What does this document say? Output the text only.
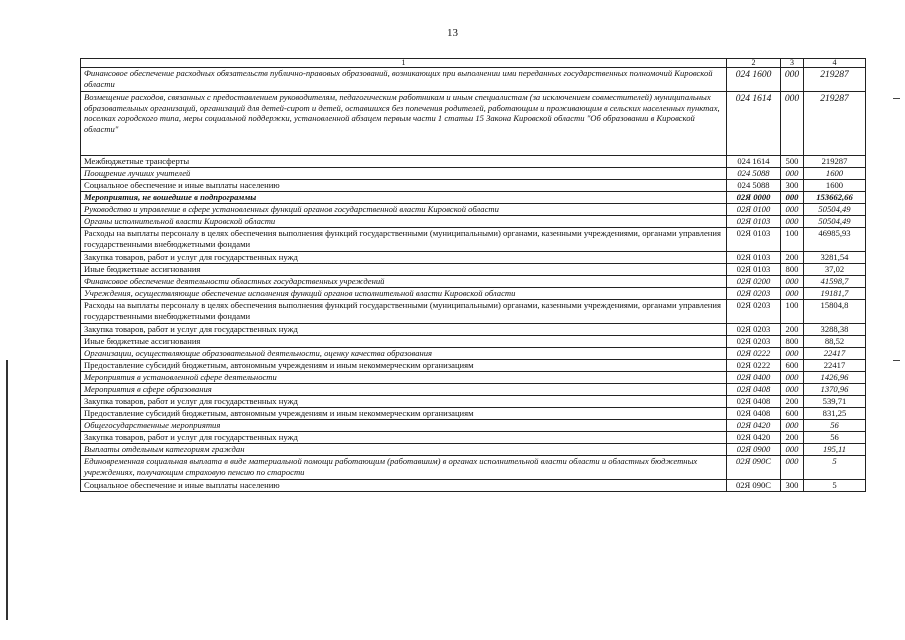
13
1	2	3	4
Финансовое обеспечение расходных обязательств публично-правовых образований, возникающих при выполнении ими переданных государственных полномочий Кировской области	024 1600	000	219287
Возмещение расходов, связанных с предоставлением руководителям, педагогическим работникам и иным специалистам (за исключением совместителей) муниципальных образовательных организаций, организаций для детей-сирот и детей, оставшихся без попечения родителей, работающим и проживающим в сельских населенных пунктах, поселках городского типа, меры социальной поддержки, установленной абзацем первым части 1 статьи 15 Закона Кировской области "Об образовании в Кировской области"	024 1614	000	219287
Межбюджетные трансферты	024 1614	500	219287
Поощрение лучших учителей	024 5088	000	1600
Социальное обеспечение и иные выплаты населению	024 5088	300	1600
Мероприятия, не вошедшие в подпрограммы	02Я 0000	000	153662,66
Руководство и управление в сфере установленных функций органов государственной власти Кировской области	02Я 0100	000	50504,49
Органы исполнительной власти Кировской области	02Я 0103	000	50504,49
Расходы на выплаты персоналу в целях обеспечения выполнения функций государственными (муниципальными) органами, казенными учреждениями, органами управления государственными внебюджетными фондами	02Я 0103	100	46985,93
Закупка товаров, работ и услуг для государственных нужд	02Я 0103	200	3281,54
Иные бюджетные ассигнования	02Я 0103	800	37,02
Финансовое обеспечение деятельности областных государственных учреждений	02Я 0200	000	41598,7
Учреждения, осуществляющие обеспечение исполнения функций органов исполнительной власти Кировской области	02Я 0203	000	19181,7
Расходы на выплаты персоналу в целях обеспечения выполнения функций государственными (муниципальными) органами, казенными учреждениями, органами управления государственными внебюджетными фондами	02Я 0203	100	15804,8
Закупка товаров, работ и услуг для государственных нужд	02Я 0203	200	3288,38
Иные бюджетные ассигнования	02Я 0203	800	88,52
Организации, осуществляющие образовательной деятельности, оценку качества образования	02Я 0222	000	22417
Предоставление субсидий бюджетным, автономным учреждениям и иным некоммерческим организациям	02Я 0222	600	22417
Мероприятия в установленной сфере деятельности	02Я 0400	000	1426,96
Мероприятия в сфере образования	02Я 0408	000	1370,96
Закупка товаров, работ и услуг для государственных нужд	02Я 0408	200	539,71
Предоставление субсидий бюджетным, автономным учреждениям и иным некоммерческим организациям	02Я 0408	600	831,25
Общегосударственные мероприятия	02Я 0420	000	56
Закупка товаров, работ и услуг для государственных нужд	02Я 0420	200	56
Выплаты отдельным категориям граждан	02Я 0900	000	195,11
Единовременная социальная выплата в виде материальной помощи работающим (работавшим) в органах исполнительной власти области и областных бюджетных учреждениях, получающим страховую пенсию по старости	02Я 090С	000	5
Социальное обеспечение и иные выплаты населению	02Я 090С	300	5
